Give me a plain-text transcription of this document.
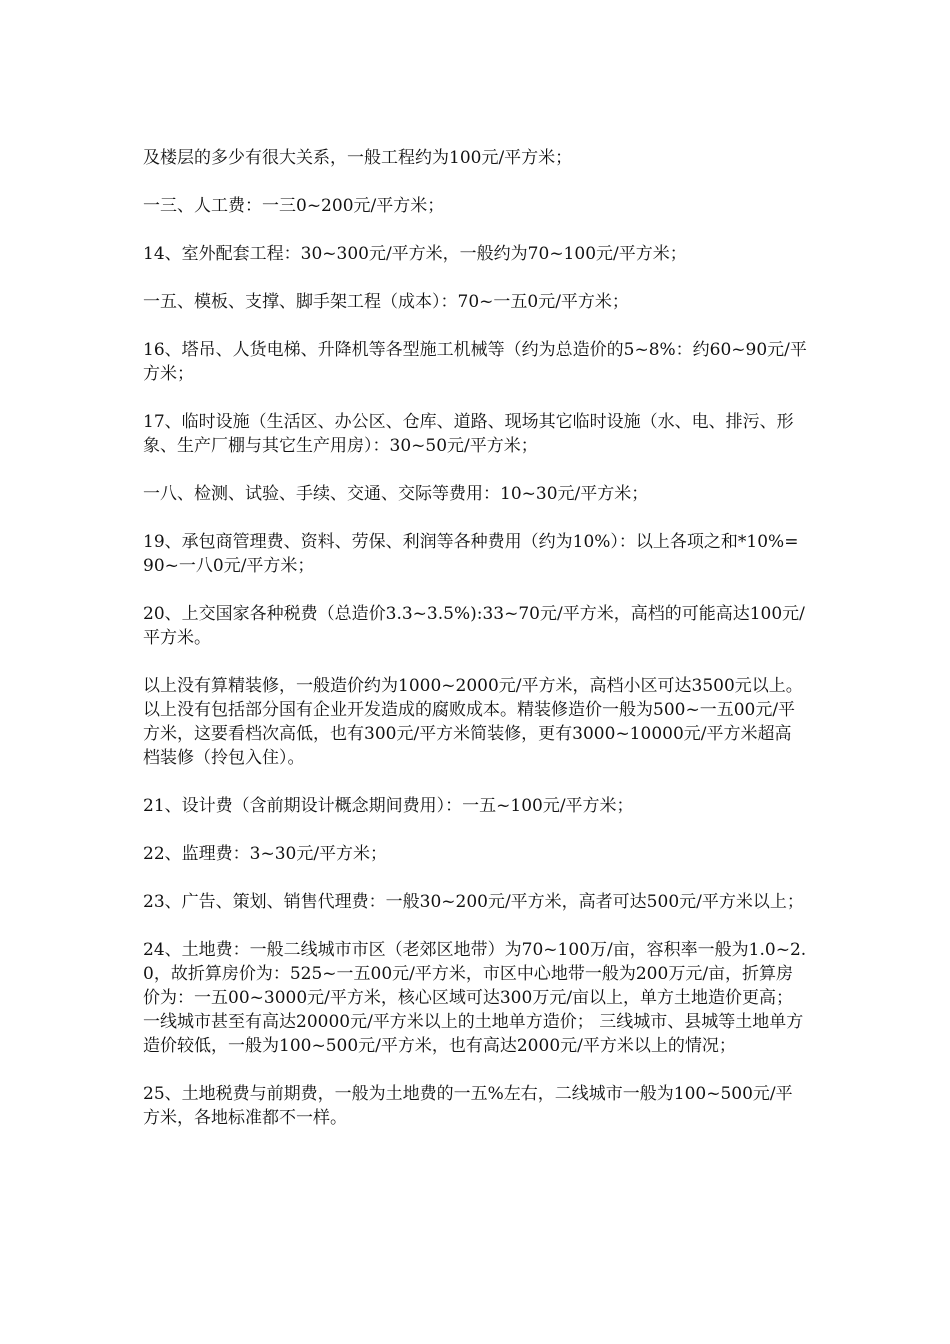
及楼层的多少有很大关系，一般工程约为100元/平方米；

一三、人工费：一三0~200元/平方米；

14、室外配套工程：30~300元/平方米，一般约为70~100元/平方米；

一五、模板、支撑、脚手架工程（成本）：70~一五0元/平方米；

16、塔吊、人货电梯、升降机等各型施工机械等（约为总造价的5~8%：约60~90元/平方米；

17、临时设施（生活区、办公区、仓库、道路、现场其它临时设施（水、电、排污、形象、生产厂棚与其它生产用房）：30~50元/平方米；

一八、检测、试验、手续、交通、交际等费用：10~30元/平方米；

19、承包商管理费、资料、劳保、利润等各种费用（约为10%）：以上各项之和*10%=90~一八0元/平方米；

20、上交国家各种税费（总造价3.3~3.5%):33~70元/平方米，高档的可能高达100元/平方米。

以上没有算精装修，一般造价约为1000~2000元/平方米，高档小区可达3500元以上。以上没有包括部分国有企业开发造成的腐败成本。精装修造价一般为500~一五00元/平方米，这要看档次高低，也有300元/平方米简装修，更有3000~10000元/平方米超高档装修（拎包入住）。

21、设计费（含前期设计概念期间费用）：一五~100元/平方米；

22、监理费：3~30元/平方米；

23、广告、策划、销售代理费：一般30~200元/平方米，高者可达500元/平方米以上；

24、土地费：一般二线城市市区（老郊区地带）为70~100万/亩，容积率一般为1.0~2.0，故折算房价为：525~一五00元/平方米，市区中心地带一般为200万元/亩，折算房价为：一五00~3000元/平方米，核心区域可达300万元/亩以上，单方土地造价更高；一线城市甚至有高达20000元/平方米以上的土地单方造价； 三线城市、县城等土地单方造价较低，一般为100~500元/平方米，也有高达2000元/平方米以上的情况；

25、土地税费与前期费，一般为土地费的一五%左右，二线城市一般为100~500元/平方米，各地标准都不一样。
